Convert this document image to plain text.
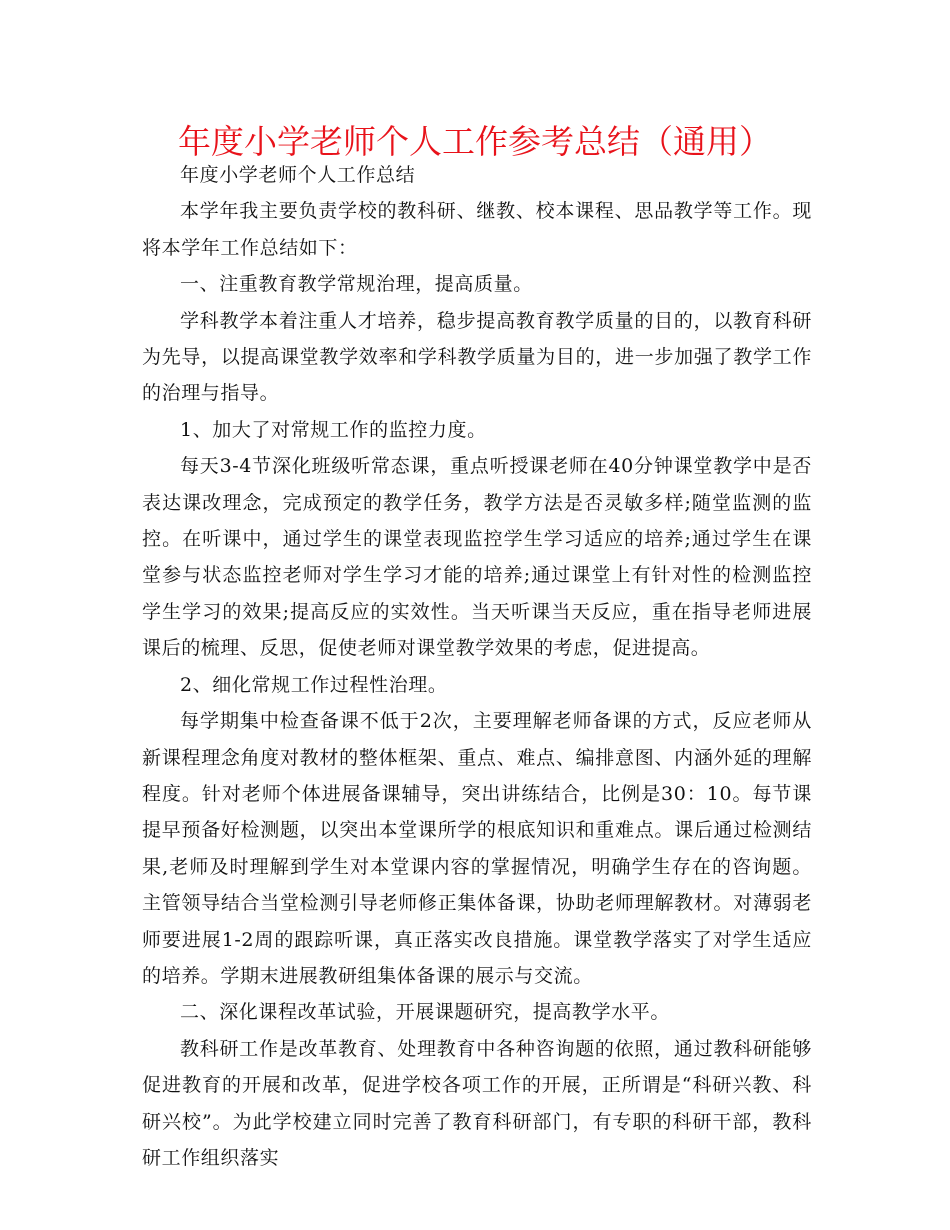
年度小学老师个人工作参考总结（通用）

年度小学老师个人工作总结

本学年我主要负责学校的教科研、继教、校本课程、思品教学等工作。现将本学年工作总结如下：

一、注重教育教学常规治理，提高质量。

学科教学本着注重人才培养，稳步提高教育教学质量的目的，以教育科研为先导，以提高课堂教学效率和学科教学质量为目的，进一步加强了教学工作的治理与指导。

1、加大了对常规工作的监控力度。

每天3-4节深化班级听常态课，重点听授课老师在40分钟课堂教学中是否表达课改理念，完成预定的教学任务，教学方法是否灵敏多样;随堂监测的监控。在听课中，通过学生的课堂表现监控学生学习适应的培养;通过学生在课堂参与状态监控老师对学生学习才能的培养;通过课堂上有针对性的检测监控学生学习的效果;提高反应的实效性。当天听课当天反应，重在指导老师进展课后的梳理、反思，促使老师对课堂教学效果的考虑，促进提高。

2、细化常规工作过程性治理。

每学期集中检查备课不低于2次，主要理解老师备课的方式，反应老师从新课程理念角度对教材的整体框架、重点、难点、编排意图、内涵外延的理解程度。针对老师个体进展备课辅导，突出讲练结合，比例是30：10。每节课提早预备好检测题，以突出本堂课所学的根底知识和重难点。课后通过检测结果,老师及时理解到学生对本堂课内容的掌握情况，明确学生存在的咨询题。主管领导结合当堂检测引导老师修正集体备课，协助老师理解教材。对薄弱老师要进展1-2周的跟踪听课，真正落实改良措施。课堂教学落实了对学生适应的培养。学期末进展教研组集体备课的展示与交流。

二、深化课程改革试验，开展课题研究，提高教学水平。

教科研工作是改革教育、处理教育中各种咨询题的依照，通过教科研能够促进教育的开展和改革，促进学校各项工作的开展，正所谓是“科研兴教、科研兴校”。为此学校建立同时完善了教育科研部门，有专职的科研干部，教科研工作组织落实
